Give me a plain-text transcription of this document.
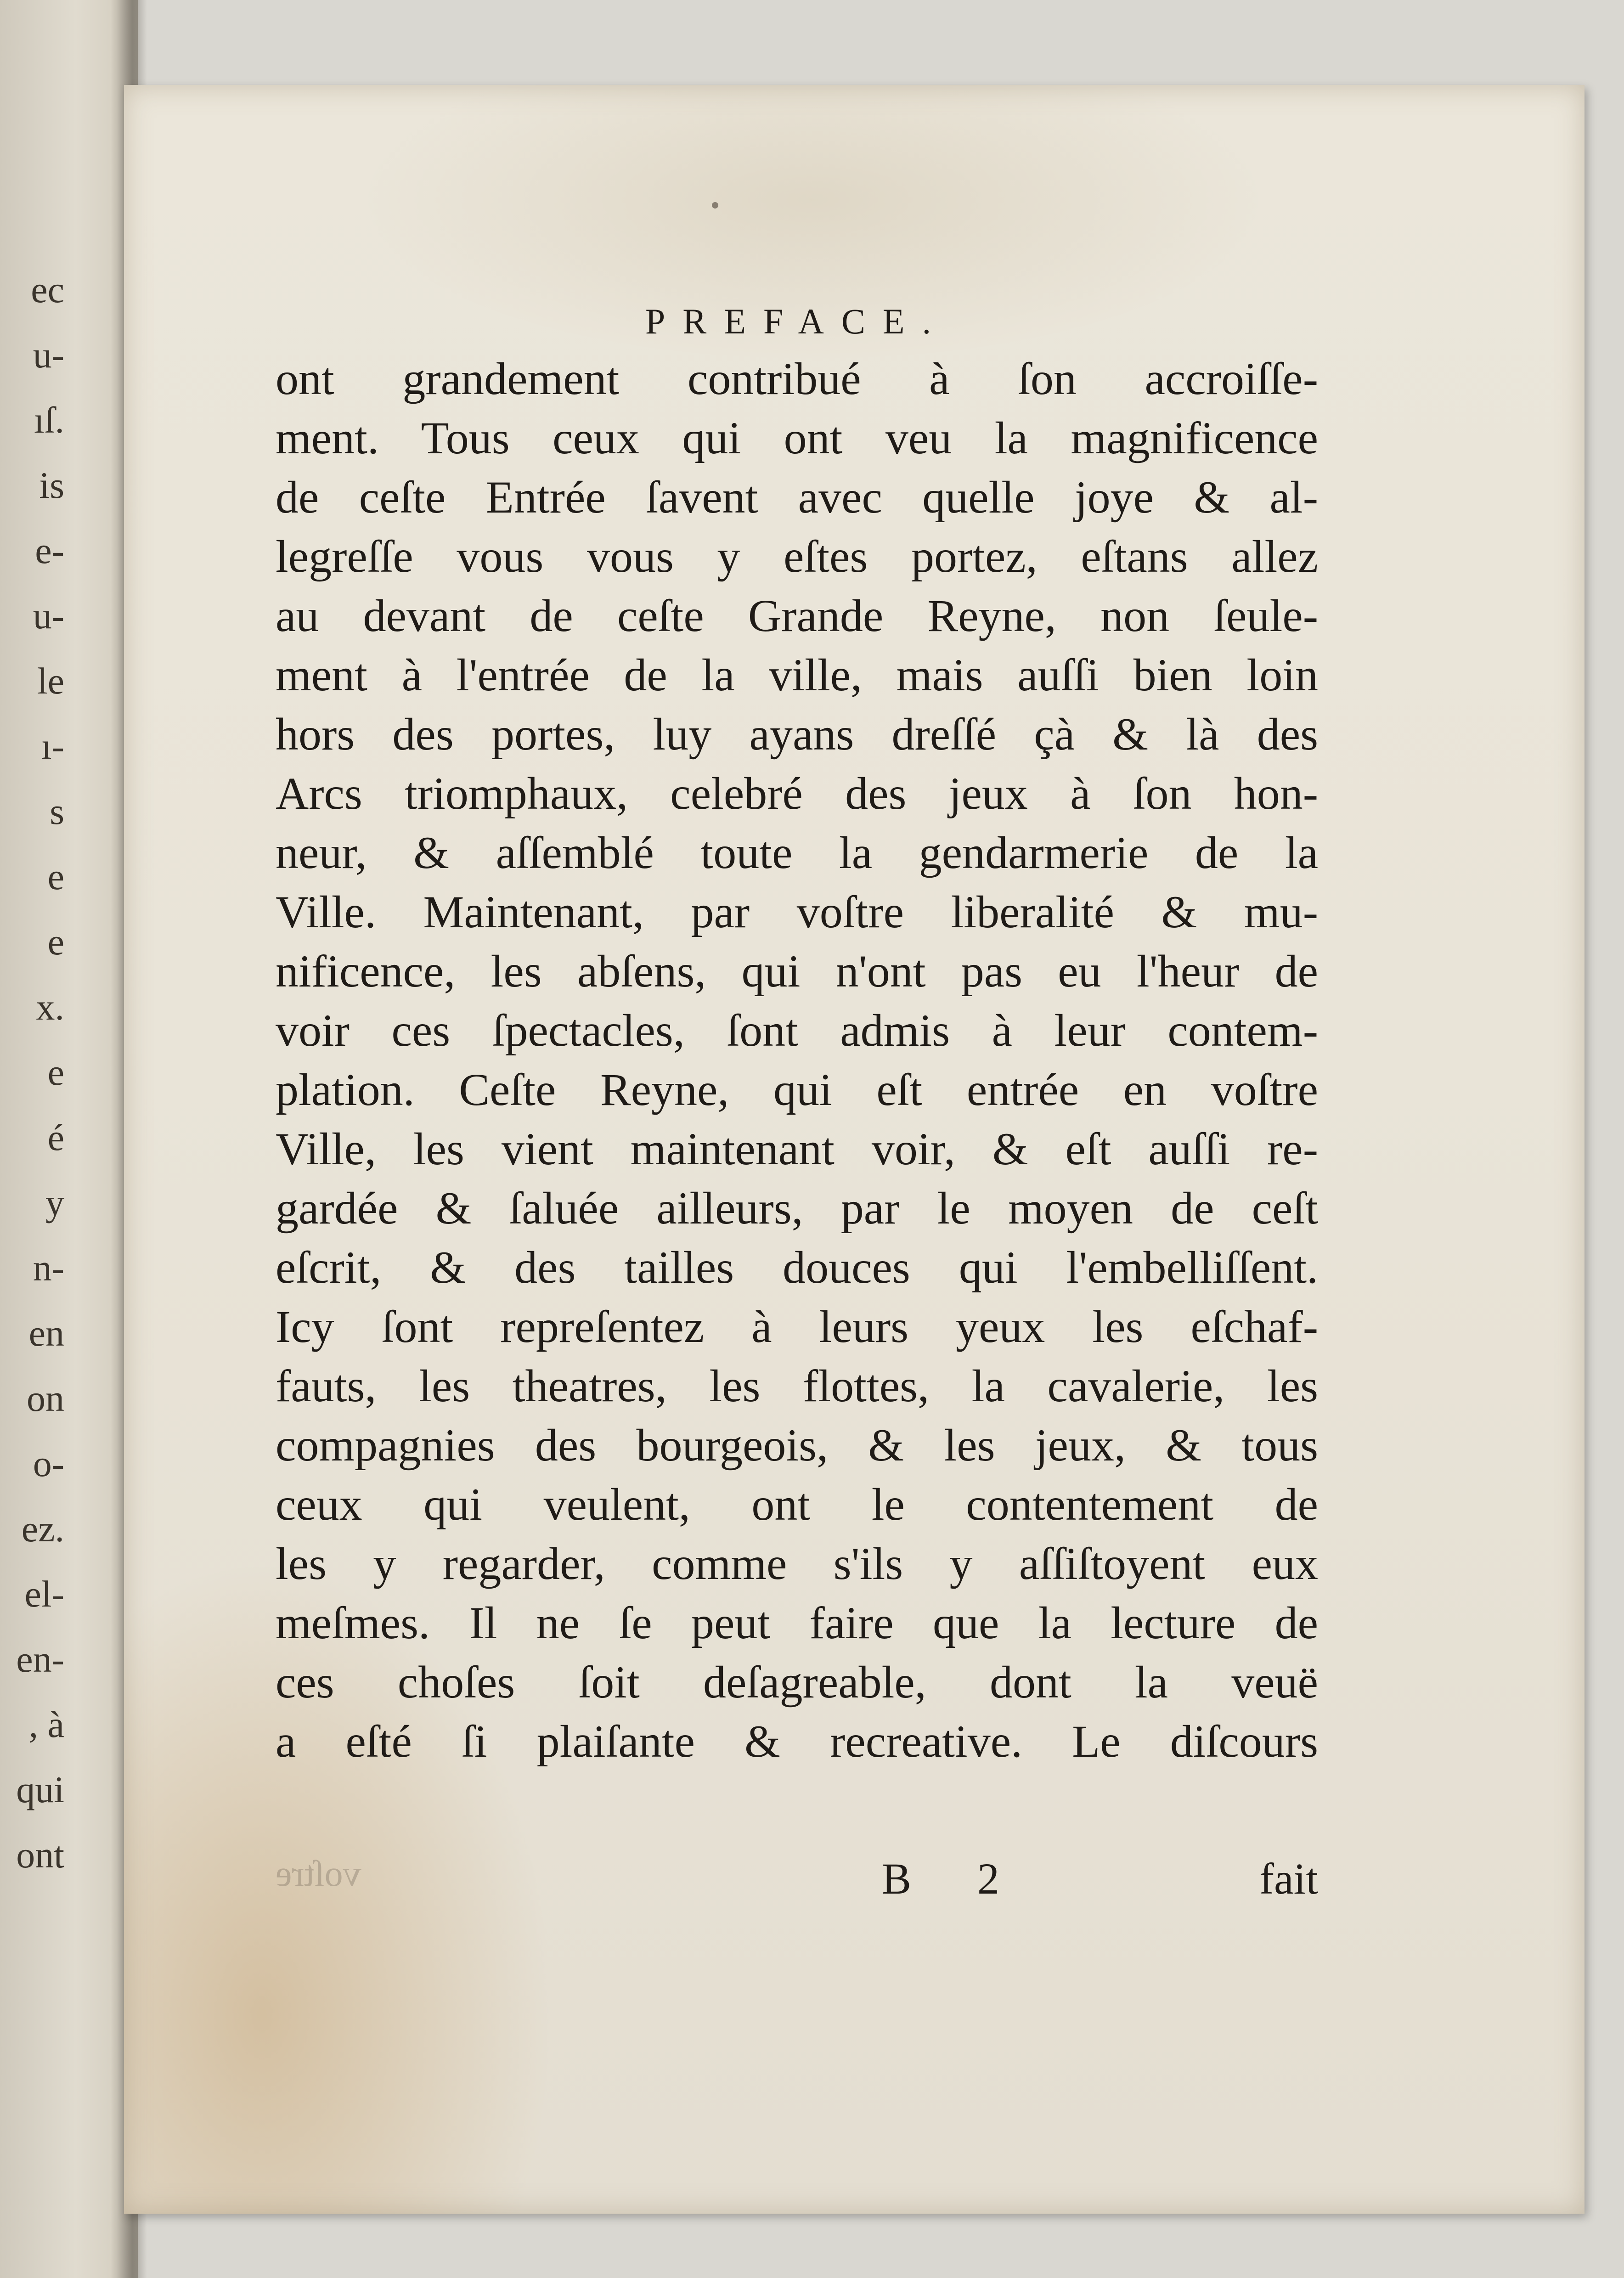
ec
u-
ıſ.
is
e-
u-
le
ı-
s
e
e
x.
e
é
y
n-
en
on
o-
ez.
el-
en-
, à
qui
ont
PREFACE.
ont grandement contribué à ſon accroiſſe-
ment. Tous ceux qui ont veu la magnificence
de ceſte Entrée ſavent avec quelle joye & al-
legreſſe vous vous y eſtes portez, eſtans allez
au devant de ceſte Grande Reyne, non ſeule-
ment à l'entrée de la ville, mais auſſi bien loin
hors des portes, luy ayans dreſſé çà & là des
Arcs triomphaux, celebré des jeux à ſon hon-
neur, & aſſemblé toute la gendarmerie de la
Ville. Maintenant, par voſtre liberalité & mu-
nificence, les abſens, qui n'ont pas eu l'heur de
voir ces ſpectacles, ſont admis à leur contem-
plation. Ceſte Reyne, qui eſt entrée en voſtre
Ville, les vient maintenant voir, & eſt auſſi re-
gardée & ſaluée ailleurs, par le moyen de ceſt
eſcrit, & des tailles douces qui l'embelliſſent.
Icy ſont repreſentez à leurs yeux les eſchaf-
fauts, les theatres, les flottes, la cavalerie, les
compagnies des bourgeois, & les jeux, & tous
ceux qui veulent, ont le contentement de
les y regarder, comme s'ils y aſſiſtoyent eux
meſmes. Il ne ſe peut faire que la lecture de
ces choſes ſoit deſagreable, dont la veuë
a eſté ſi plaiſante & recreative. Le diſcours
voſtre	B 2	fait
